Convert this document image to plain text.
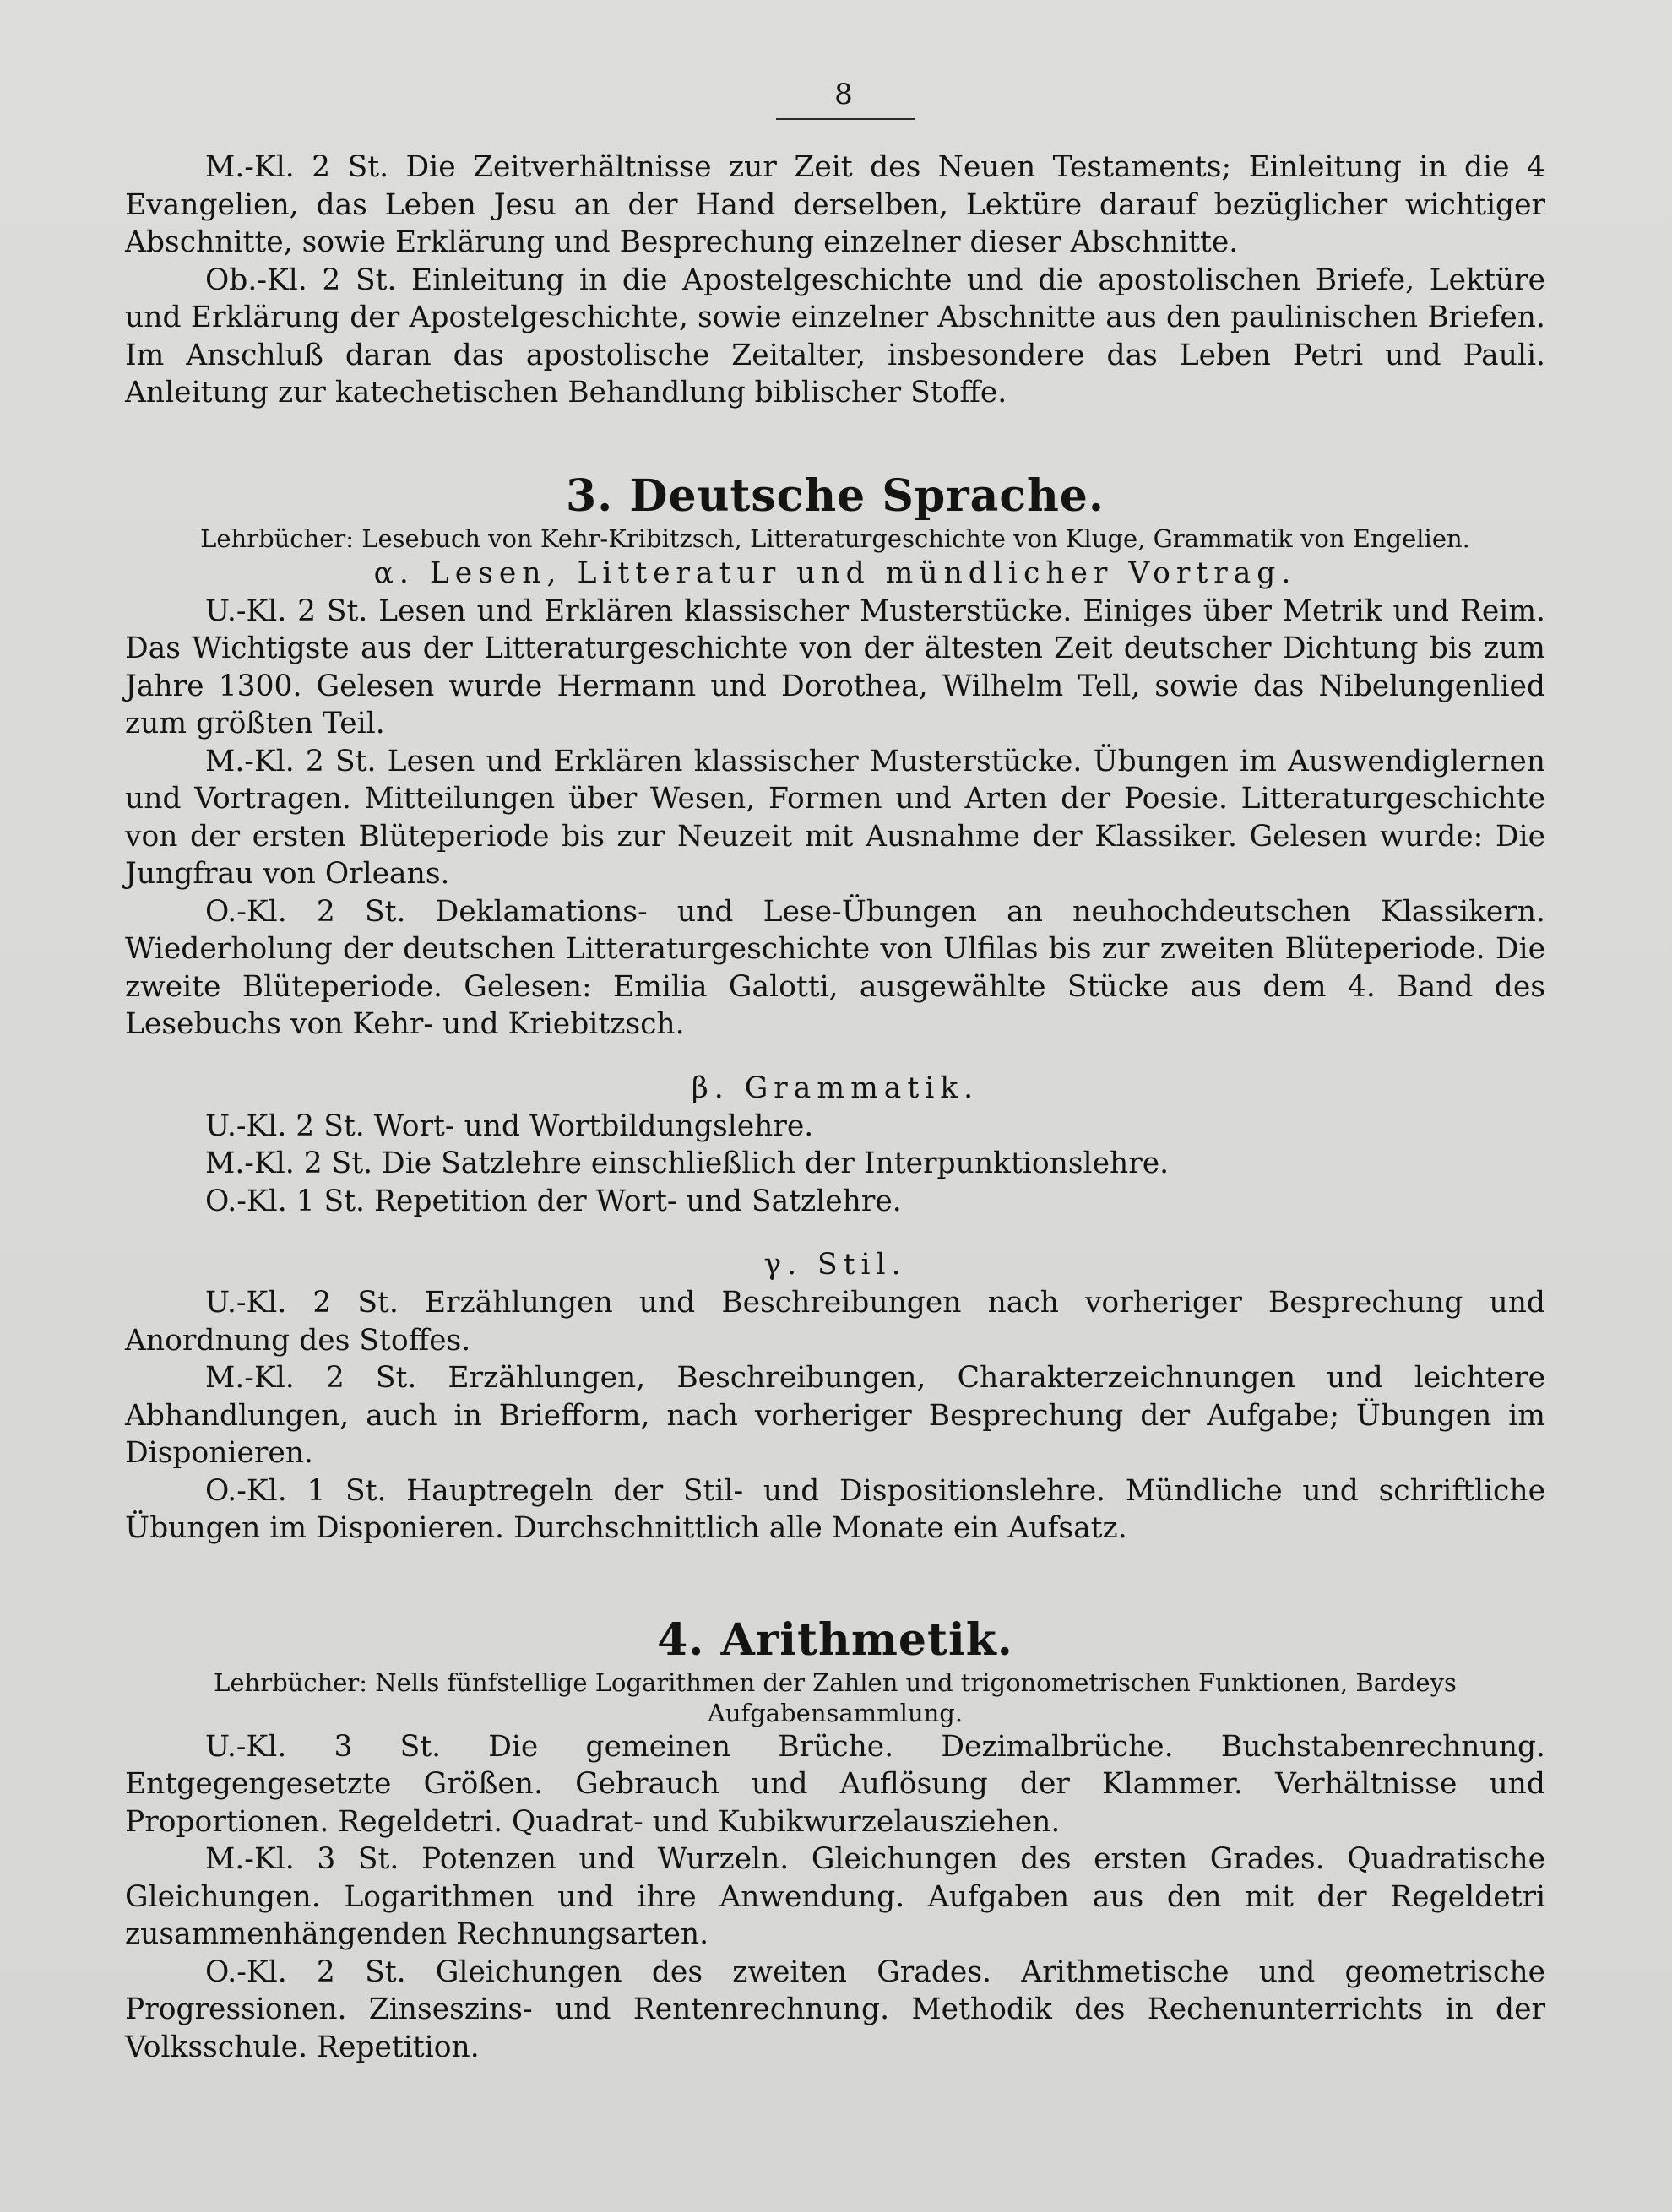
8

M.-Kl. 2 St. Die Zeitverhältnisse zur Zeit des Neuen Testaments; Einleitung in die 4 Evangelien, das Leben Jesu an der Hand derselben, Lektüre darauf bezüglicher wichtiger Abschnitte, sowie Erklärung und Besprechung einzelner dieser Abschnitte.

Ob.-Kl. 2 St. Einleitung in die Apostelgeschichte und die apostolischen Briefe, Lektüre und Erklärung der Apostelgeschichte, sowie einzelner Abschnitte aus den paulinischen Briefen. Im Anschluß daran das apostolische Zeitalter, insbesondere das Leben Petri und Pauli. Anleitung zur katechetischen Behandlung biblischer Stoffe.

3. Deutsche Sprache.
Lehrbücher: Lesebuch von Kehr-Kribitzsch, Litteraturgeschichte von Kluge, Grammatik von Engelien.
α. Lesen, Litteratur und mündlicher Vortrag.

U.-Kl. 2 St. Lesen und Erklären klassischer Musterstücke. Einiges über Metrik und Reim. Das Wichtigste aus der Litteraturgeschichte von der ältesten Zeit deutscher Dichtung bis zum Jahre 1300. Gelesen wurde Hermann und Dorothea, Wilhelm Tell, sowie das Nibelungenlied zum größten Teil.

M.-Kl. 2 St. Lesen und Erklären klassischer Musterstücke. Übungen im Auswendiglernen und Vortragen. Mitteilungen über Wesen, Formen und Arten der Poesie. Litteraturgeschichte von der ersten Blüteperiode bis zur Neuzeit mit Ausnahme der Klassiker. Gelesen wurde: Die Jungfrau von Orleans.

O.-Kl. 2 St. Deklamations- und Lese-Übungen an neuhochdeutschen Klassikern. Wiederholung der deutschen Litteraturgeschichte von Ulfilas bis zur zweiten Blüteperiode. Die zweite Blüteperiode. Gelesen: Emilia Galotti, ausgewählte Stücke aus dem 4. Band des Lesebuchs von Kehr- und Kriebitzsch.

β. Grammatik.

U.-Kl. 2 St. Wort- und Wortbildungslehre.

M.-Kl. 2 St. Die Satzlehre einschließlich der Interpunktionslehre.

O.-Kl. 1 St. Repetition der Wort- und Satzlehre.

γ. Stil.

U.-Kl. 2 St. Erzählungen und Beschreibungen nach vorheriger Besprechung und Anordnung des Stoffes.

M.-Kl. 2 St. Erzählungen, Beschreibungen, Charakterzeichnungen und leichtere Abhandlungen, auch in Briefform, nach vorheriger Besprechung der Aufgabe; Übungen im Disponieren.

O.-Kl. 1 St. Hauptregeln der Stil- und Dispositionslehre. Mündliche und schriftliche Übungen im Disponieren. Durchschnittlich alle Monate ein Aufsatz.

4. Arithmetik.
Lehrbücher: Nells fünfstellige Logarithmen der Zahlen und trigonometrischen Funktionen, Bardeys Aufgabensammlung.

U.-Kl. 3 St. Die gemeinen Brüche. Dezimalbrüche. Buchstabenrechnung. Entgegengesetzte Größen. Gebrauch und Auflösung der Klammer. Verhältnisse und Proportionen. Regeldetri. Quadrat- und Kubikwurzelausziehen.

M.-Kl. 3 St. Potenzen und Wurzeln. Gleichungen des ersten Grades. Quadratische Gleichungen. Logarithmen und ihre Anwendung. Aufgaben aus den mit der Regeldetri zusammenhängenden Rechnungsarten.

O.-Kl. 2 St. Gleichungen des zweiten Grades. Arithmetische und geometrische Progressionen. Zinseszins- und Rentenrechnung. Methodik des Rechenunterrichts in der Volksschule. Repetition.
